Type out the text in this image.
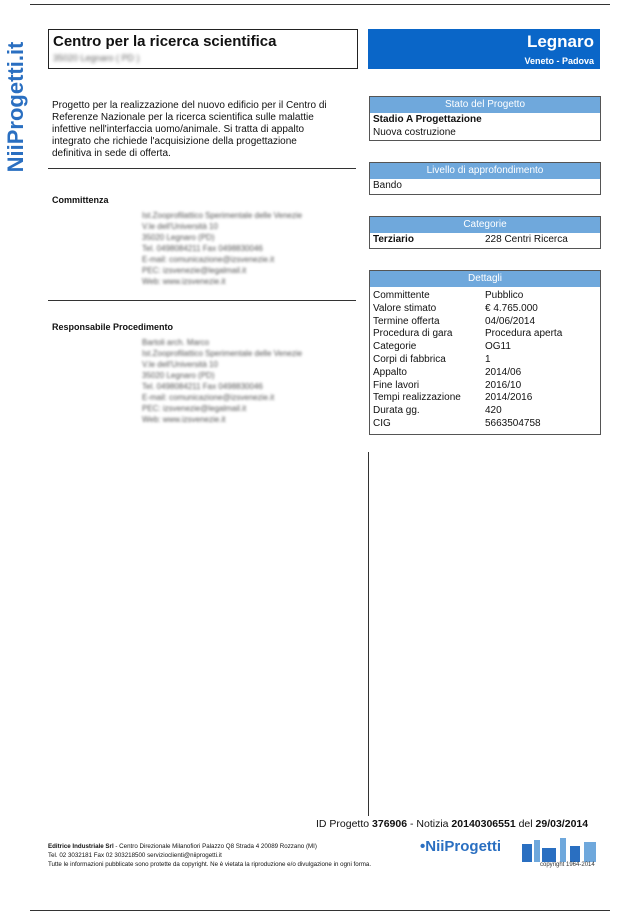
NiiProgetti.it
Centro per la ricerca scientifica
35020 Legnaro ( PD )
Legnaro
Veneto - Padova
Progetto per la realizzazione del nuovo edificio per il Centro di Referenze Nazionale per la ricerca scientifica sulle malattie infettive nell'interfaccia uomo/animale. Si tratta di appalto integrato che richiede l'acquisizione della progettazione definitiva in sede di offerta.
Committenza
Ist.Zooprofilattico Sperimentale delle Venezie
V.le dell'Università 10
35020 Legnaro (PD)
Tel. 0498084211 Fax 0498830046
E-mail: comunicazione@izsvenezie.it
PEC: izsvenezie@legalmail.it
Web: www.izsvenezie.it
Responsabile Procedimento
Bartoli arch. Marco
Ist.Zooprofilattico Sperimentale delle Venezie
V.le dell'Università 10
35020 Legnaro (PD)
Tel. 0498084211 Fax 0498830046
E-mail: comunicazione@izsvenezie.it
PEC: izsvenezie@legalmail.it
Web: www.izsvenezie.it
Stato del Progetto
Stadio A Progettazione
Nuova costruzione
Livello di approfondimento
Bando
Categorie
Terziario	228 Centri Ricerca
Dettagli
Committente	Pubblico
Valore stimato	€ 4.765.000
Termine offerta	04/06/2014
Procedura di gara	Procedura aperta
Categorie	OG11
Corpi di fabbrica	1
Appalto	2014/06
Fine lavori	2016/10
Tempi realizzazione 2014/2016
Durata gg.	420
CIG	5663504758
ID Progetto 376906 - Notizia 20140306551 del 29/03/2014
Editrice Industriale Srl - Centro Direzionale Milanofiori Palazzo Q8 Strada 4 20089 Rozzano (MI)
Tel. 02 3032181 Fax 02 303218500 servizioclienti@niiprogetti.it
Tutte le informazioni pubblicate sono protette da copyright. Ne è vietata la riproduzione e/o divulgazione in ogni forma.
•NiiProgetti
copyright 1964-2014
